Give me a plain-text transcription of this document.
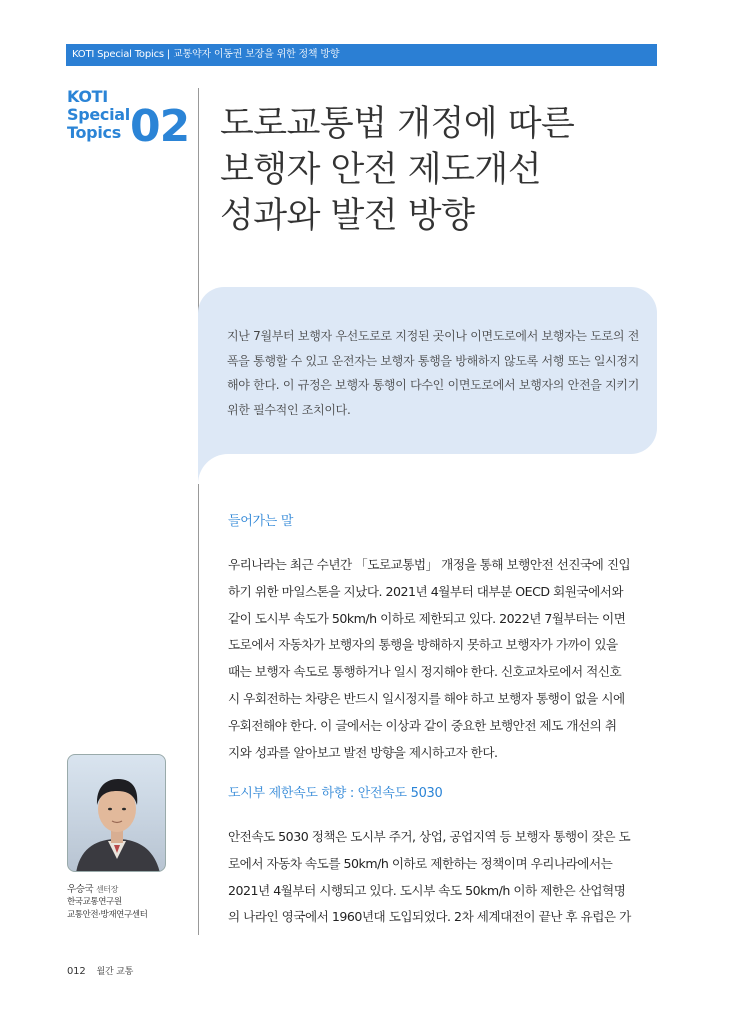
KOTI Special Topics | 교통약자 이동권 보장을 위한 정책 방향
KOTI
Special
Topics 02 도로교통법 개정에 따른
보행자 안전 제도개선
성과와 발전 방향
지난 7월부터 보행자 우선도로로 지정된 곳이나 이면도로에서 보행자는 도로의 전폭을 통행할 수 있고 운전자는 보행자 통행을 방해하지 않도록 서행 또는 일시정지해야 한다. 이 규정은 보행자 통행이 다수인 이면도로에서 보행자의 안전을 지키기 위한 필수적인 조치이다.
들어가는 말
우리나라는 최근 수년간 「도로교통법」 개정을 통해 보행안전 선진국에 진입
하기 위한 마일스톤을 지났다. 2021년 4월부터 대부분 OECD 회원국에서와
같이 도시부 속도가 50km/h 이하로 제한되고 있다. 2022년 7월부터는 이면
도로에서 자동차가 보행자의 통행을 방해하지 못하고 보행자가 가까이 있을
때는 보행자 속도로 통행하거나 일시 정지해야 한다. 신호교차로에서 적신호
시 우회전하는 차량은 반드시 일시정지를 해야 하고 보행자 통행이 없을 시에
우회전해야 한다. 이 글에서는 이상과 같이 중요한 보행안전 제도 개선의 취
지와 성과를 알아보고 발전 방향을 제시하고자 한다.
도시부 제한속도 하향 : 안전속도 5030
안전속도 5030 정책은 도시부 주거, 상업, 공업지역 등 보행자 통행이 잦은 도
로에서 자동차 속도를 50km/h 이하로 제한하는 정책이며 우리나라에서는
2021년 4월부터 시행되고 있다. 도시부 속도 50km/h 이하 제한은 산업혁명
의 나라인 영국에서 1960년대 도입되었다. 2차 세계대전이 끝난 후 유럽은 가
우승국 센터장
한국교통연구원
교통안전·방재연구센터
012 월간 교통
